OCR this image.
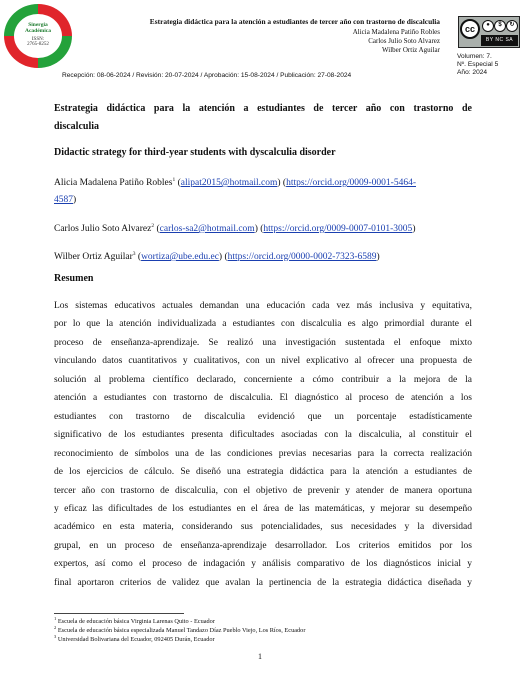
Sinergia
Académica
ISSN:
2765-8252
Estrategia didáctica para la atención a estudiantes de tercer año con trastorno de discalculia
Alicia Madalena Patiño Robles
Carlos Julio Soto Alvarez
Wilber Ortiz Aguilar
cc	●	$	↻
BY NC SA
Volumen: 7.
Nº. Especial 5
Año: 2024
Recepción: 08-06-2024 / Revisión: 20-07-2024 / Aprobación: 15-08-2024 / Publicación: 27-08-2024
Estrategia didáctica para la atención a estudiantes de tercer año con trastorno de discalculia
Didactic strategy for third-year students with dyscalculia disorder
Alicia Madalena Patiño Robles$^1$ (alipat2015@hotmail.com) (https://orcid.org/0009-0001-5464-
4587)
Carlos Julio Soto Alvarez$^2$ (carlos-sa2@hotmail.com) (https://orcid.org/0009-0007-0101-3005)
Wilber Ortiz Aguilar$^3$ (wortiza@ube.edu.ec) (https://orcid.org/0000-0002-7323-6589)
Resumen
Los sistemas educativos actuales demandan una educación cada vez más inclusiva y equitativa,
por lo que la atención individualizada a estudiantes con discalculia es algo primordial durante el
proceso de enseñanza-aprendizaje. Se realizó una investigación sustentada el enfoque mixto
vinculando datos cuantitativos y cualitativos, con un nivel explicativo al ofrecer una propuesta de
solución al problema científico declarado, concerniente a cómo contribuir a la mejora de la
atención a estudiantes con trastorno de discalculia. El diagnóstico al proceso de atención a los
estudiantes con trastorno de discalculia evidenció que un porcentaje estadísticamente
significativo de los estudiantes presenta dificultades asociadas con la discalculia, al constituir el
reconocimiento de símbolos una de las condiciones previas necesarias para la correcta realización
de los ejercicios de cálculo. Se diseñó una estrategia didáctica para la atención a estudiantes de
tercer año con trastorno de discalculia, con el objetivo de prevenir y atender de manera oportuna
y eficaz las dificultades de los estudiantes en el área de las matemáticas, y mejorar su desempeño
académico en esta materia, considerando sus potencialidades, sus necesidades y la diversidad
grupal, en un proceso de enseñanza-aprendizaje desarrollador. Los criterios emitidos por los
expertos, así como el proceso de indagación y análisis comparativo de los diagnósticos inicial y
final aportaron criterios de validez que avalan la pertinencia de la estrategia didáctica diseñada y
$^1$ Escuela de educación básica Virginia Larenas Quito - Ecuador
$^2$ Escuela de educación básica especializada Manuel Tandazo Díaz Pueblo Viejo, Los Ríos, Ecuador
$^3$ Universidad Bolivariana del Ecuador, 092405 Durán, Ecuador
1
